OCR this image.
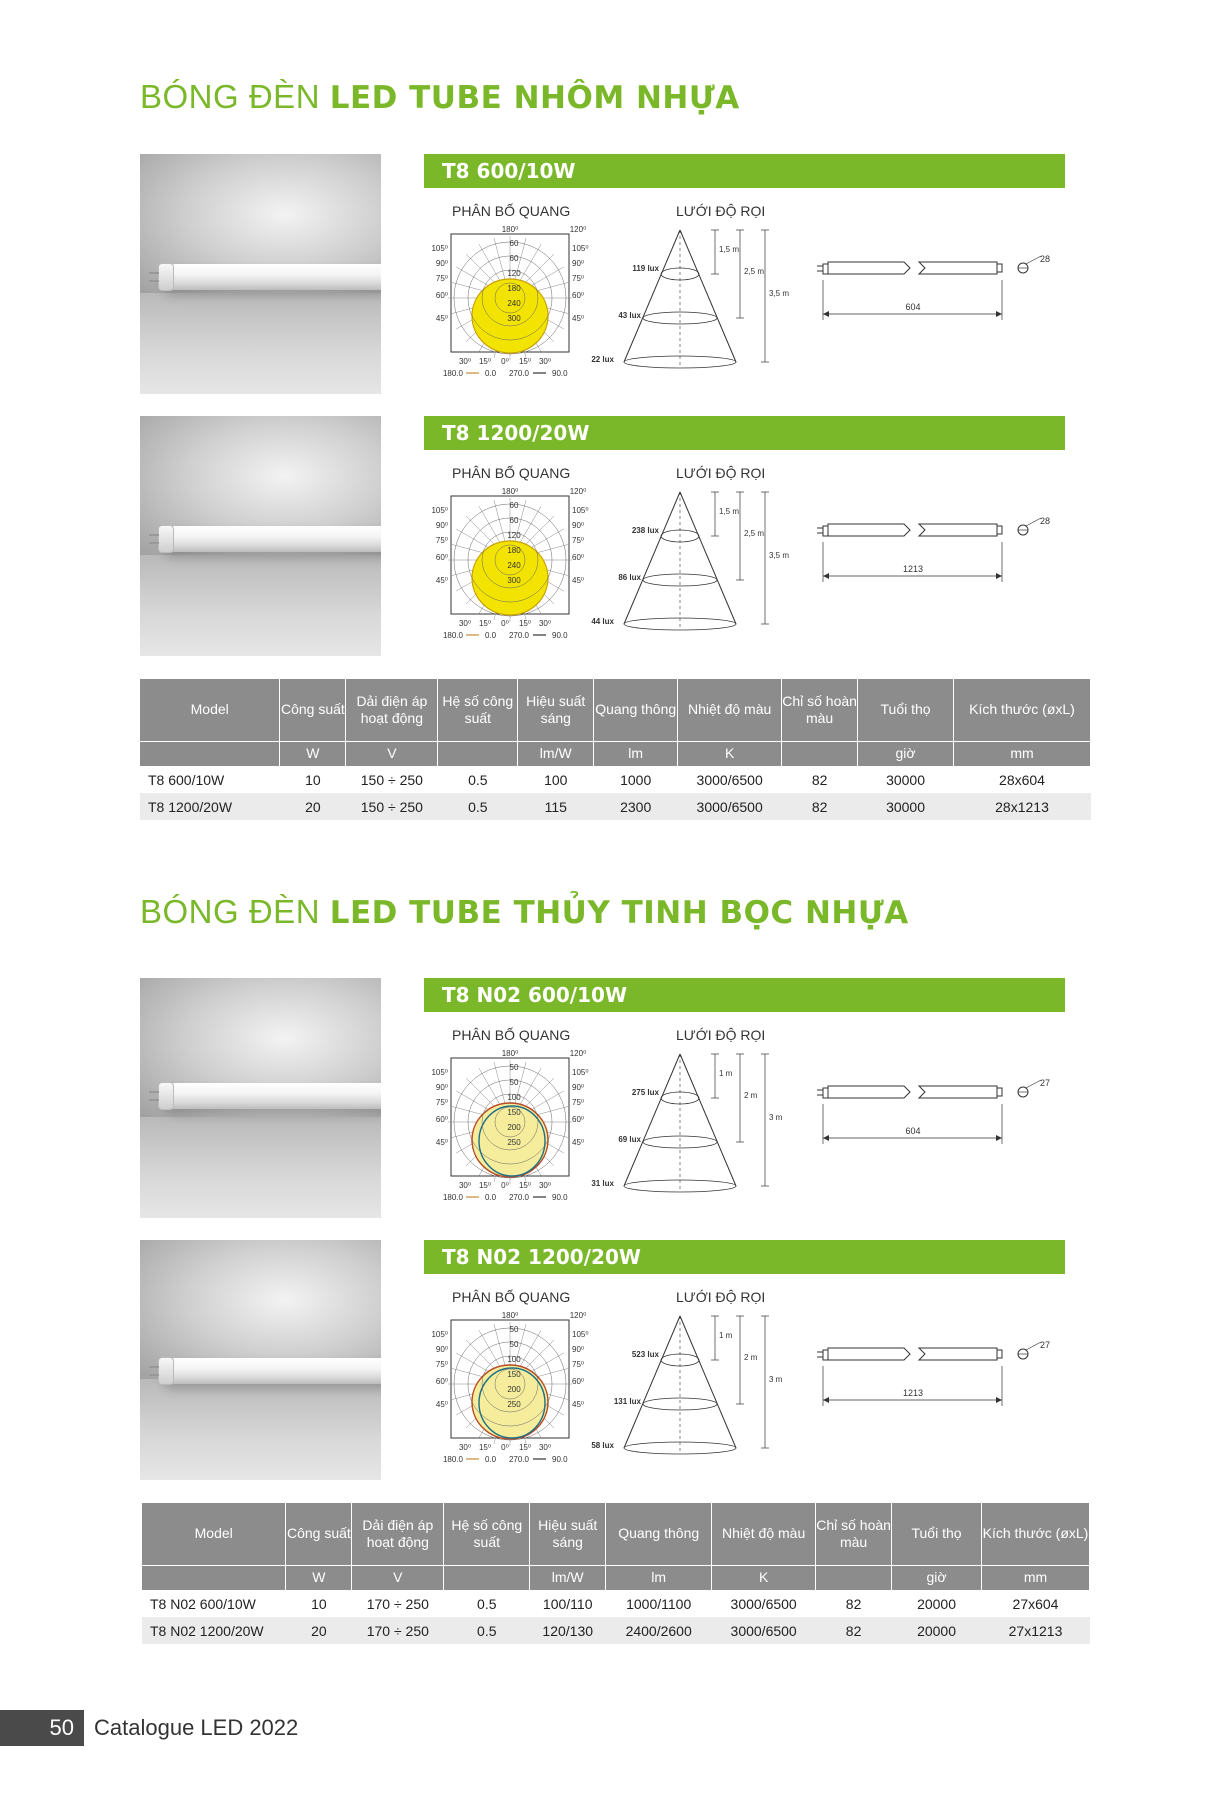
BÓNG ĐÈN LED TUBE NHÔM NHỰA
T8 600/10W
PHÂN BỐ QUANG	LƯỚI ĐỘ RỌI
60
60
120
180
240
300
180⁰	120⁰
105⁰
90⁰
75⁰
60⁰
45⁰
105⁰
90⁰
75⁰
60⁰
45⁰
30⁰ 15⁰ 0⁰ 15⁰ 30⁰
180.0	0.0 270.0	90.0
119 lux
43 lux
22 lux
1,5 m
2,5 m
3,5 m
28
604
T8 1200/20W
PHÂN BỐ QUANG	LƯỚI ĐỘ RỌI
60
60
120
180
240
300
180⁰	120⁰
105⁰
90⁰
75⁰
60⁰
45⁰
105⁰
90⁰
75⁰
60⁰
45⁰
30⁰ 15⁰ 0⁰ 15⁰ 30⁰
180.0	0.0 270.0	90.0
238 lux
86 lux
44 lux
1,5 m
2,5 m
3,5 m
28
1213
T8 N02 600/10W
PHÂN BỐ QUANG	LƯỚI ĐỘ RỌI
50
50
100
150
200
250
180⁰	120⁰
105⁰
90⁰
75⁰
60⁰
45⁰
105⁰
90⁰
75⁰
60⁰
45⁰
30⁰ 15⁰ 0⁰ 15⁰ 30⁰
180.0	0.0 270.0	90.0
275 lux
69 lux
31 lux
1 m
2 m
3 m
27
604
T8 N02 1200/20W
PHÂN BỐ QUANG	LƯỚI ĐỘ RỌI
50
50
100
150
200
250
180⁰	120⁰
105⁰
90⁰
75⁰
60⁰
45⁰
105⁰
90⁰
75⁰
60⁰
45⁰
30⁰ 15⁰ 0⁰ 15⁰ 30⁰
180.0	0.0 270.0	90.0
523 lux
131 lux
58 lux
1 m
2 m
3 m
27
1213
Model	Công suất	Dải điện áp hoạt động	Hệ số công suất	Hiệu suất sáng	Quang thông	Nhiệt độ màu	Chỉ số hoàn màu	Tuổi thọ	Kích thước (øxL)
	W	V		lm/W	lm	K		giờ	mm
T8 600/10W	10	150 ÷ 250	0.5	100	1000	3000/6500	82	30000	28x604
T8 1200/20W	20	150 ÷ 250	0.5	115	2300	3000/6500	82	30000	28x1213
BÓNG ĐÈN LED TUBE THỦY TINH BỌC NHỰA
Model	Công suất	Dải điện áp hoạt động	Hệ số công suất	Hiệu suất sáng	Quang thông	Nhiệt độ màu	Chỉ số hoàn màu	Tuổi thọ	Kích thước (øxL)
	W	V		lm/W	lm	K		giờ	mm
T8 N02 600/10W	10	170 ÷ 250	0.5	100/110	1000/1100	3000/6500	82	20000	27x604
T8 N02 1200/20W	20	170 ÷ 250	0.5	120/130	2400/2600	3000/6500	82	20000	27x1213
50 Catalogue LED 2022
